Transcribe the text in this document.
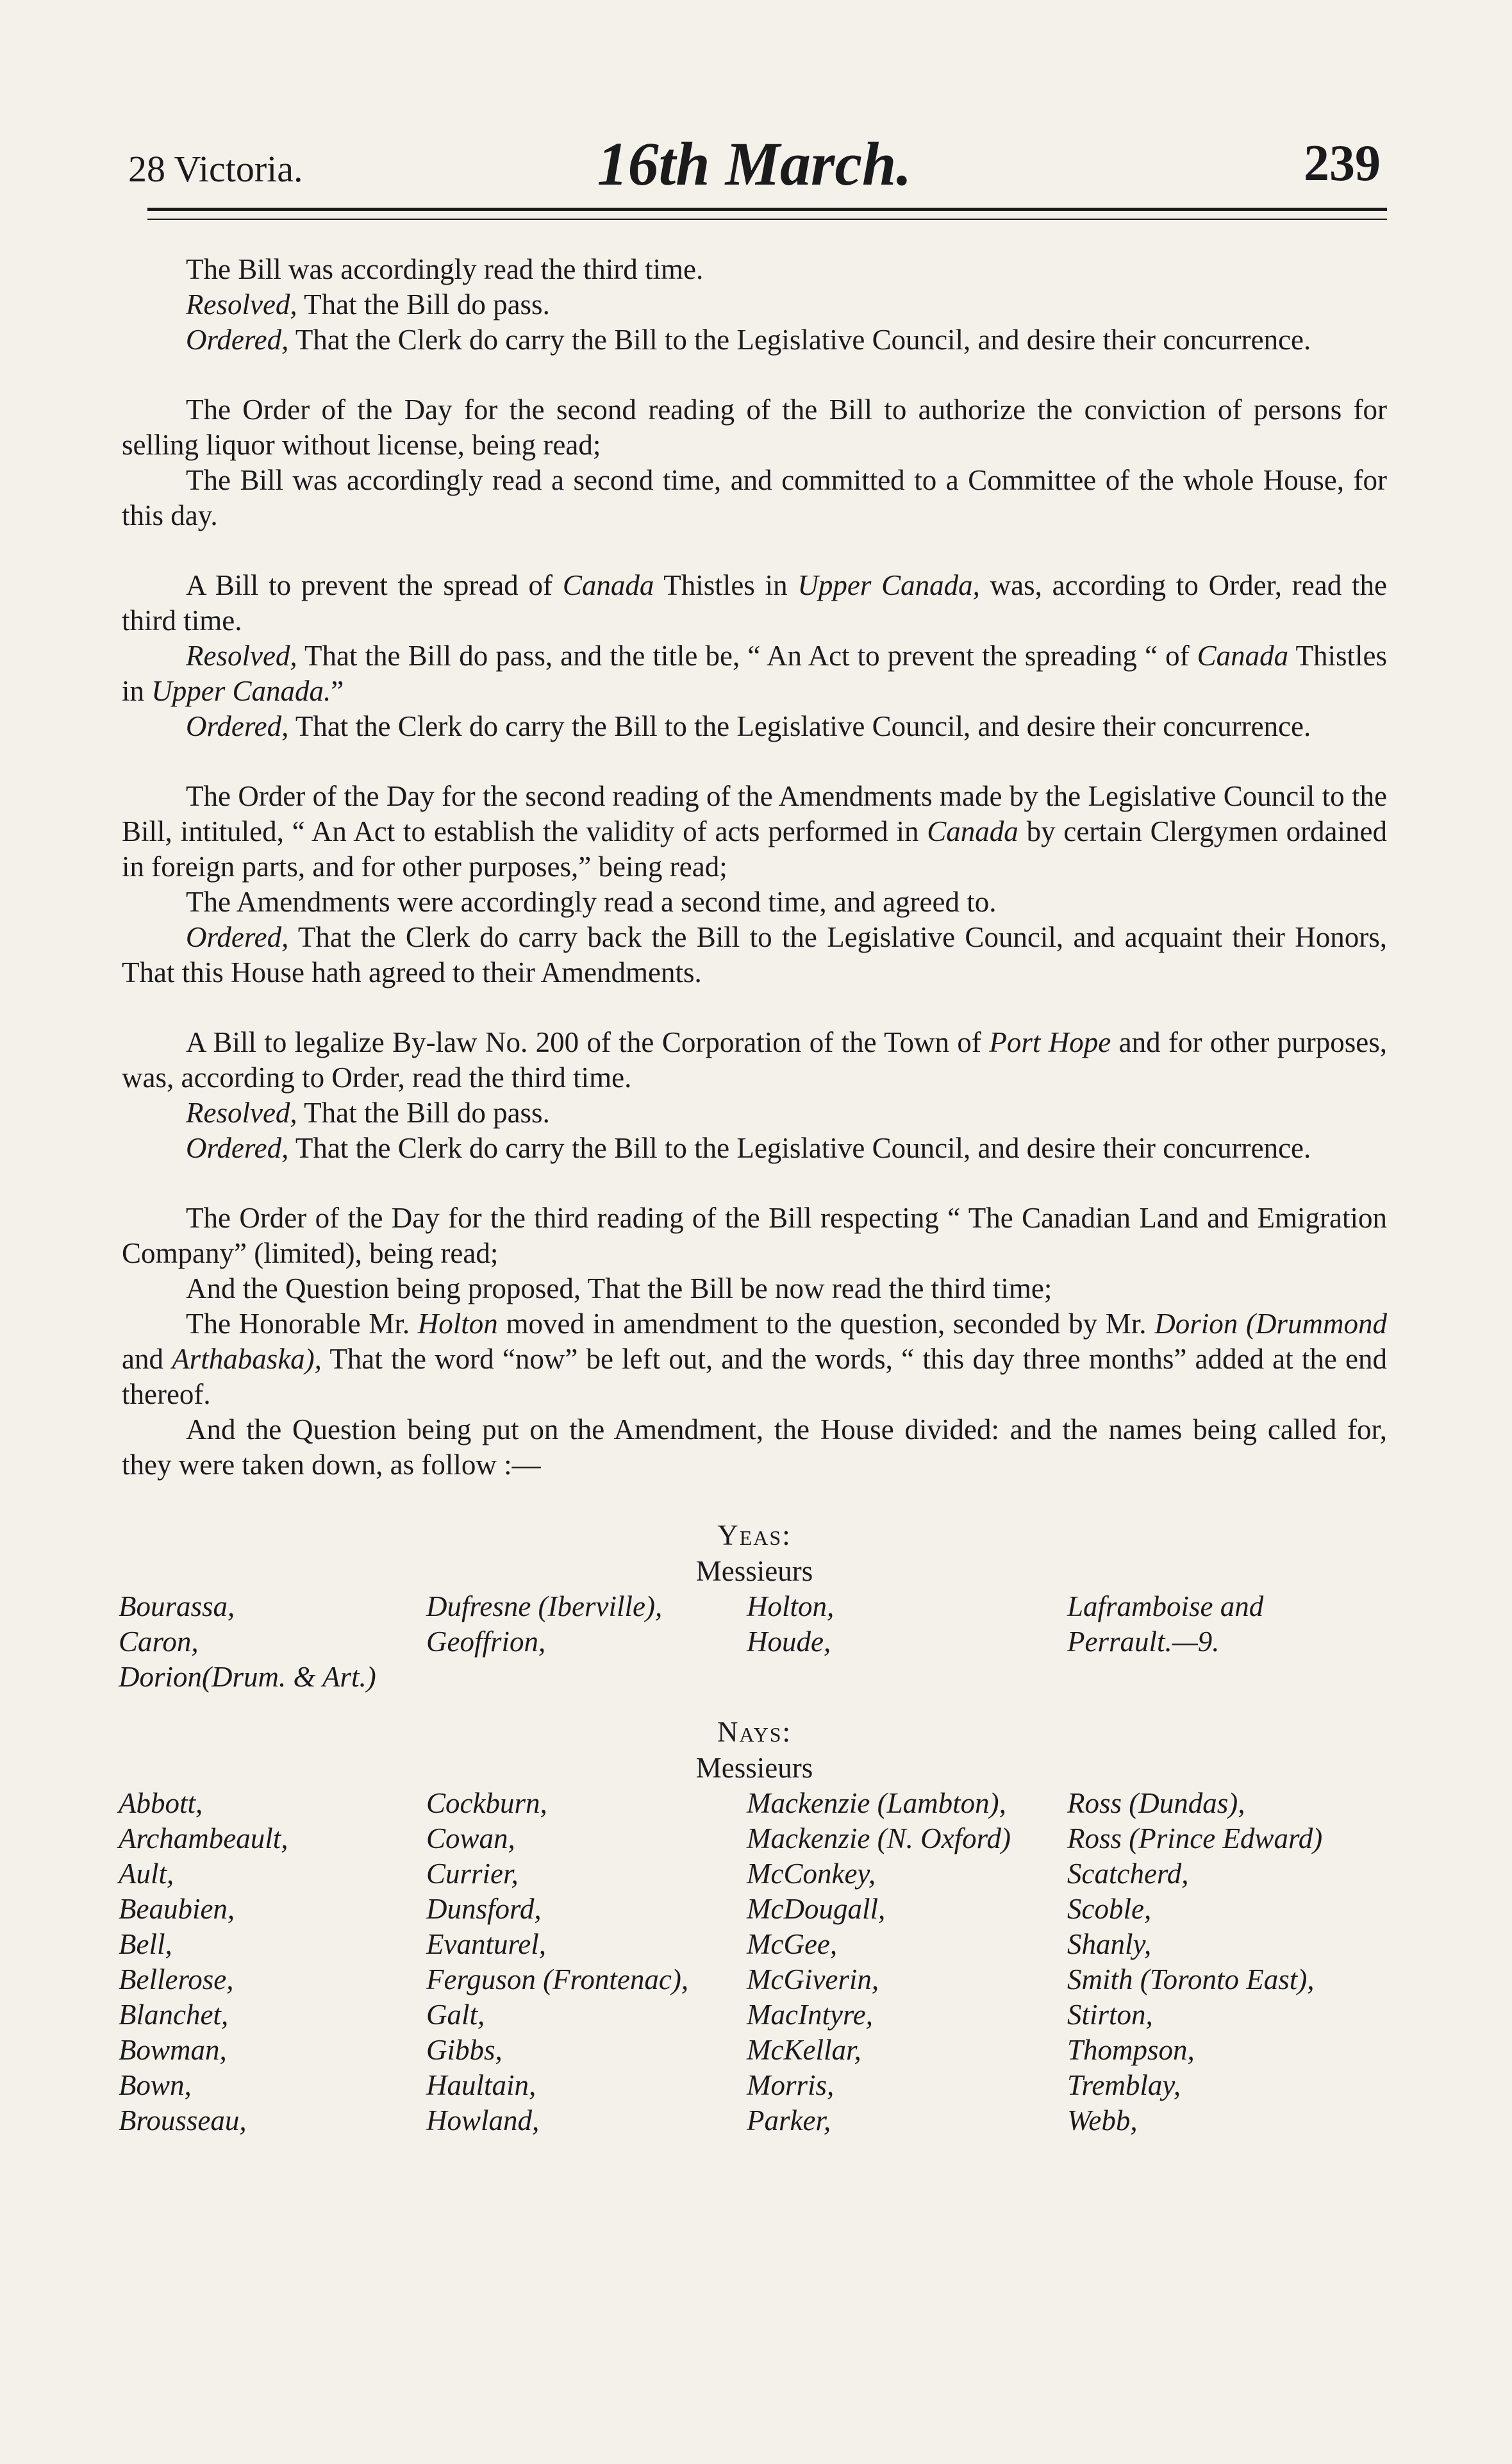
28 Victoria.	16th March.	239

The Bill was accordingly read the third time.

Resolved, That the Bill do pass.

Ordered, That the Clerk do carry the Bill to the Legislative Council, and desire their concurrence.

The Order of the Day for the second reading of the Bill to authorize the conviction of persons for selling liquor without license, being read;

The Bill was accordingly read a second time, and committed to a Committee of the whole House, for this day.

A Bill to prevent the spread of Canada Thistles in Upper Canada, was, according to Order, read the third time.

Resolved, That the Bill do pass, and the title be, “ An Act to prevent the spreading “ of Canada Thistles in Upper Canada.”

Ordered, That the Clerk do carry the Bill to the Legislative Council, and desire their concurrence.

The Order of the Day for the second reading of the Amendments made by the Legislative Council to the Bill, intituled, “ An Act to establish the validity of acts performed in Canada by certain Clergymen ordained in foreign parts, and for other purposes,” being read;

The Amendments were accordingly read a second time, and agreed to.

Ordered, That the Clerk do carry back the Bill to the Legislative Council, and acquaint their Honors, That this House hath agreed to their Amendments.

A Bill to legalize By-law No. 200 of the Corporation of the Town of Port Hope and for other purposes, was, according to Order, read the third time.

Resolved, That the Bill do pass.

Ordered, That the Clerk do carry the Bill to the Legislative Council, and desire their concurrence.

The Order of the Day for the third reading of the Bill respecting “ The Canadian Land and Emigration Company” (limited), being read;

And the Question being proposed, That the Bill be now read the third time;

The Honorable Mr. Holton moved in amendment to the question, seconded by Mr. Dorion (Drummond and Arthabaska), That the word “now” be left out, and the words, “ this day three months” added at the end thereof.

And the Question being put on the Amendment, the House divided: and the names being called for, they were taken down, as follow :—

Yeas:
Messieurs
Bourassa,	Dufresne (Iberville),	Holton,	Laframboise and
Caron,	Geoffrion,	Houde,	Perrault.—9.
Dorion(Drum. & Art.)
Nays:
Messieurs
Abbott,	Cockburn,	Mackenzie (Lambton),	Ross (Dundas),
Archambeault,	Cowan,	Mackenzie (N. Oxford)	Ross (Prince Edward)
Ault,	Currier,	McConkey,	Scatcherd,
Beaubien,	Dunsford,	McDougall,	Scoble,
Bell,	Evanturel,	McGee,	Shanly,
Bellerose,	Ferguson (Frontenac),	McGiverin,	Smith (Toronto East),
Blanchet,	Galt,	MacIntyre,	Stirton,
Bowman,	Gibbs,	McKellar,	Thompson,
Bown,	Haultain,	Morris,	Tremblay,
Brousseau,	Howland,	Parker,	Webb,
